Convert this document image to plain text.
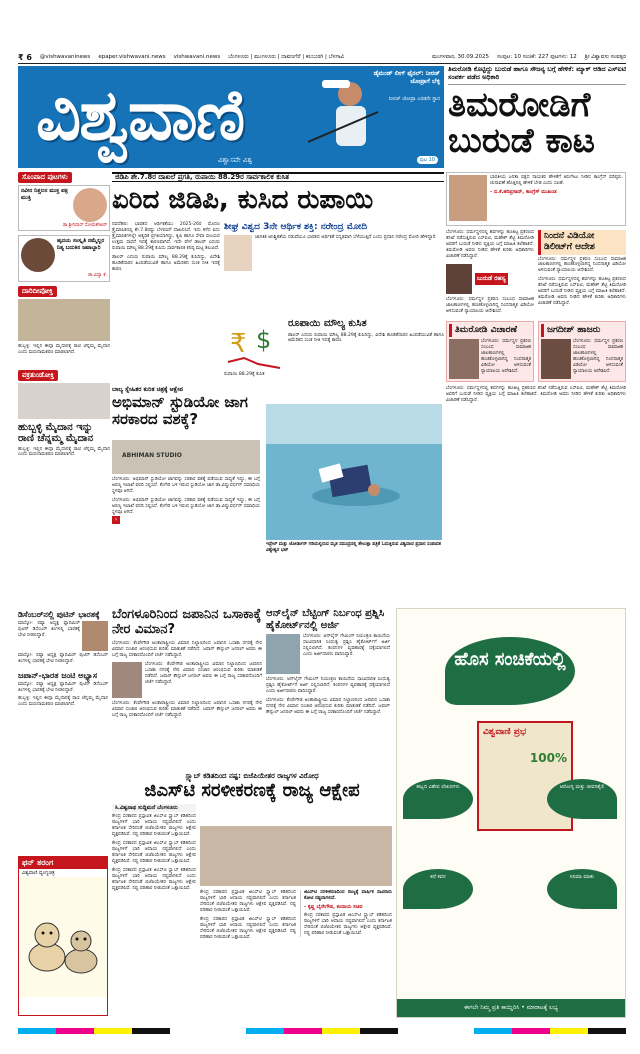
₹ 6 @vishwavaninews epaper.vishwavani.news vishwavani.news ಬೆಂಗಳೂರು | ಮಂಗಳೂರು | ದಾವಣಗೆರೆ | ಕಲಬುರಗಿ | ಬೆಳಗಾವಿ	ಮಂಗಳವಾರ, 30.09.2025 ಸಂಪುಟ: 10 ಸಂಚಿಕೆ: 227 ಪುಟಗಳು: 12 ಶ್ರೀ ವಿಶ್ವಾವಸು ಸಂವತ್ಸರ
ವಿಶ್ವವಾಣಿ
ವಿಶ್ವಾಸವೇ ವಿಶ್ವ
ಡೈಮಂಡ್ ಲೀಗ್ ಫೈನಲ್: ನೀರಜ್ ಚೋಪ್ರಾಗೆ ಬೆಳ್ಳಿ
ನೀರಜ್ ಚೋಪ್ರಾ ಎರಡನೇ ಸ್ಥಾನ
ಪುಟ 10
ತಿಮರೋಡಿ ಕೊಟ್ಟಿದ್ದು ಬುರುಡೆ ಹಾಗೂ ಸೌಜನ್ಯ ಬಗ್ಗೆ ಹೇಳಿಕೆ: ಮ್ಯಾಕ್ ಆಡಿದ ಎಸ್‌ಐಟಿ ಸಂಪರ್ಕ ಪಡೆದ ಅಧಿಕಾರಿ
ತಿಮರೋಡಿಗೆ ಬುರುಡೆ ಕಾಟ
ಸೊಂಪಾದ ಪುಟಗಳು
ನವೀನ ನಿಶ್ಚಲನ ಮುಕ್ತ ಪತ್ರ ಮುಕ್ತಿ
ಡಾ.ಶ್ರೀನಿವಾಸ್ ಸೋಮಶೇಖರ್
ಹೃದಯ ಸಂಸ್ಕೃತಿ ನಮ್ಮೆಲ್ಲರ ನಿತ್ಯ ಬದುಕಿನ ಜವಾಬ್ದಾರಿ
ಡಾ.ವಿದ್ಯಾ ಕೆ.
ದಾರಿದೀಪೋಕ್ತಿ
ಹುಬ್ಬಳ್ಳಿ: ಇಲ್ಲಿನ ಈದ್ಗಾ ಮೈದಾನಕ್ಕೆ ರಾಣಿ ಚೆನ್ನಮ್ಮ ಮೈದಾನ ಎಂದು ಮರುನಾಮಕರಣ ಮಾಡಲಾಗಿದೆ.
ವಕ್ರತುಂಡೋಕ್ತಿ
ಹುಬ್ಬಳ್ಳಿ ಮೈದಾನ ಇನ್ನು ರಾಣಿ ಚೆನ್ನಮ್ಮ ಮೈದಾನ
ಹುಬ್ಬಳ್ಳಿ: ಇಲ್ಲಿನ ಈದ್ಗಾ ಮೈದಾನಕ್ಕೆ ರಾಣಿ ಚೆನ್ನಮ್ಮ ಮೈದಾನ ಎಂದು ಮರುನಾಮಕರಣ ಮಾಡಲಾಗಿದೆ.
ಜಿಡಿಪಿ ಶೇ.7.8ರ ದಾಖಲೆ ಪ್ರಗತಿ, ರುಪಾಯಿ 88.29ರ ಸಾರ್ವಕಾಲಿಕ ಕುಸಿತ
ಏರಿದ ಜಿಡಿಪಿ, ಕುಸಿದ ರುಪಾಯಿ
ನವದೆಹಲಿ: ಭಾರತದ ಆರ್ಥಿಕತೆಯು 2025-26ರ ಮೊದಲ ತ್ರೈಮಾಸಿಕದಲ್ಲಿ ಶೇ.7.8ರಷ್ಟು ಬೆಳವಣಿಗೆ ದಾಖಲಿಸಿದೆ. ಇದು ಕಳೆದ ಐದು ತ್ರೈಮಾಸಿಕಗಳಲ್ಲೇ ಅತ್ಯಧಿಕ ಪ್ರಗತಿಯಾಗಿದ್ದು, ಕೃಷಿ ಹಾಗೂ ಸೇವಾ ವಲಯದ ಉತ್ತಮ ಸಾಧನೆ ಇದಕ್ಕೆ ಕಾರಣವಾಗಿದೆ. ಇದೇ ವೇಳೆ ಡಾಲರ್ ಎದುರು ರುಪಾಯಿ ಮೌಲ್ಯ 88.29ಕ್ಕೆ ಕುಸಿದು ಸಾರ್ವಕಾಲಿಕ ಕನಿಷ್ಠ ಮಟ್ಟ ತಲುಪಿದೆ.
ಡಾಲರ್ ಎದುರು ರುಪಾಯಿ ಮೌಲ್ಯ 88.29ಕ್ಕೆ ಕುಸಿದಿದ್ದು, ವಿದೇಶಿ ಹೂಡಿಕೆದಾರರ ಹಿಂಪಡೆಯುವಿಕೆ ಹಾಗೂ ಅಮೆರಿಕದ ಸುಂಕ ನೀತಿ ಇದಕ್ಕೆ ಕಾರಣ.
ಶೀಘ್ರ ವಿಶ್ವದ 3ನೇ ಆರ್ಥಿಕ ಶಕ್ತಿ: ನರೇಂದ್ರ ಮೋದಿ
ಜಾಗತಿಕ ಅನಿಶ್ಚಿತತೆಯ ನಡುವೆಯೂ ಭಾರತದ ಆರ್ಥಿಕತೆ ಸದೃಢವಾಗಿ ಬೆಳೆಯುತ್ತಿದೆ ಎಂದು ಪ್ರಧಾನಿ ನರೇಂದ್ರ ಮೋದಿ ಹೇಳಿದ್ದಾರೆ.
₹ $
ರುಪಾಯಿ 88.29ಕ್ಕೆ ಕುಸಿತ
ರೂಪಾಯಿ ಮೌಲ್ಯ ಕುಸಿತ
ಡಾಲರ್ ಎದುರು ರುಪಾಯಿ ಮೌಲ್ಯ 88.29ಕ್ಕೆ ಕುಸಿದಿದ್ದು, ವಿದೇಶಿ ಹೂಡಿಕೆದಾರರ ಹಿಂಪಡೆಯುವಿಕೆ ಹಾಗೂ ಅಮೆರಿಕದ ಸುಂಕ ನೀತಿ ಇದಕ್ಕೆ ಕಾರಣ.
ಭಾರತೀಯ ಜನತಾ ಪಕ್ಷದ ನಾಯಕರ ಹೇಳಿಕೆಗೆ ತಿರುಗೇಟು ನೀಡಿದ ಕಾಂಗ್ರೆಸ್ ವರಿಷ್ಠರು. ಚುನಾವಣೆ ಹೊತ್ತಿನಲ್ಲಿ ಹೇಳಿಕೆ ಬೇಡ ಎಂದು ಸಲಹೆ.
- ಬಿ.ಕೆ.ಹರಿಪ್ರಸಾದ್, ಕಾಂಗ್ರೆಸ್ ಮುಖಂಡ
ಬೆಂಗಳೂರು: ಧರ್ಮಸ್ಥಳದಲ್ಲಿ ಶವಗಳನ್ನು ಹೂತಿಟ್ಟ ಪ್ರಕರಣದ ತನಿಖೆ ನಡೆಸುತ್ತಿರುವ ಎಸ್‌ಐಟಿ, ಮಹೇಶ್ ಶೆಟ್ಟಿ ತಿಮರೋಡಿ ಅವರಿಗೆ ಬುರುಡೆ ನೀಡಿದ ವ್ಯಕ್ತಿಯ ಬಗ್ಗೆ ಮಾಹಿತಿ ಕಲೆಹಾಕಿದೆ. ತಿಮರೋಡಿ ಅವರು ನೀಡಿದ ಹೇಳಿಕೆ ಕುರಿತು ಅಧಿಕಾರಿಗಳು ವಿಚಾರಣೆ ನಡೆಸಿದ್ದಾರೆ.
ಬುರುಡೆ ರಹಸ್ಯ
ಬೆಂಗಳೂರು: ಧರ್ಮಸ್ಥಳ ಪ್ರಕರಣ ಸಂಬಂಧ ಸಾಮಾಜಿಕ ಜಾಲತಾಣಗಳಲ್ಲಿ ಹಂಚಿಕೊಳ್ಳಲಾಗಿದ್ದ ನಿಂದನಾತ್ಮಕ ವಿಡಿಯೋ ಅಳಿಸುವಂತೆ ನ್ಯಾಯಾಲಯ ಆದೇಶಿಸಿದೆ.
ನಿಂದನೆ ವಿಡಿಯೋ ಡಿಲೀಟ್‌ಗೆ ಆದೇಶ
ಬೆಂಗಳೂರು: ಧರ್ಮಸ್ಥಳ ಪ್ರಕರಣ ಸಂಬಂಧ ಸಾಮಾಜಿಕ ಜಾಲತಾಣಗಳಲ್ಲಿ ಹಂಚಿಕೊಳ್ಳಲಾಗಿದ್ದ ನಿಂದನಾತ್ಮಕ ವಿಡಿಯೋ ಅಳಿಸುವಂತೆ ನ್ಯಾಯಾಲಯ ಆದೇಶಿಸಿದೆ.
ಬೆಂಗಳೂರು: ಧರ್ಮಸ್ಥಳದಲ್ಲಿ ಶವಗಳನ್ನು ಹೂತಿಟ್ಟ ಪ್ರಕರಣದ ತನಿಖೆ ನಡೆಸುತ್ತಿರುವ ಎಸ್‌ಐಟಿ, ಮಹೇಶ್ ಶೆಟ್ಟಿ ತಿಮರೋಡಿ ಅವರಿಗೆ ಬುರುಡೆ ನೀಡಿದ ವ್ಯಕ್ತಿಯ ಬಗ್ಗೆ ಮಾಹಿತಿ ಕಲೆಹಾಕಿದೆ. ತಿಮರೋಡಿ ಅವರು ನೀಡಿದ ಹೇಳಿಕೆ ಕುರಿತು ಅಧಿಕಾರಿಗಳು ವಿಚಾರಣೆ ನಡೆಸಿದ್ದಾರೆ.
ತಿಮರೋಡಿ ವಿಚಾರಣೆ
ಬೆಂಗಳೂರು: ಧರ್ಮಸ್ಥಳ ಪ್ರಕರಣ ಸಂಬಂಧ ಸಾಮಾಜಿಕ ಜಾಲತಾಣಗಳಲ್ಲಿ ಹಂಚಿಕೊಳ್ಳಲಾಗಿದ್ದ ನಿಂದನಾತ್ಮಕ ವಿಡಿಯೋ ಅಳಿಸುವಂತೆ ನ್ಯಾಯಾಲಯ ಆದೇಶಿಸಿದೆ.
ಜಗದೀಶ್ ಹಾಜರು
ಬೆಂಗಳೂರು: ಧರ್ಮಸ್ಥಳ ಪ್ರಕರಣ ಸಂಬಂಧ ಸಾಮಾಜಿಕ ಜಾಲತಾಣಗಳಲ್ಲಿ ಹಂಚಿಕೊಳ್ಳಲಾಗಿದ್ದ ನಿಂದನಾತ್ಮಕ ವಿಡಿಯೋ ಅಳಿಸುವಂತೆ ನ್ಯಾಯಾಲಯ ಆದೇಶಿಸಿದೆ.
ಬೆಂಗಳೂರು: ಧರ್ಮಸ್ಥಳದಲ್ಲಿ ಶವಗಳನ್ನು ಹೂತಿಟ್ಟ ಪ್ರಕರಣದ ತನಿಖೆ ನಡೆಸುತ್ತಿರುವ ಎಸ್‌ಐಟಿ, ಮಹೇಶ್ ಶೆಟ್ಟಿ ತಿಮರೋಡಿ ಅವರಿಗೆ ಬುರುಡೆ ನೀಡಿದ ವ್ಯಕ್ತಿಯ ಬಗ್ಗೆ ಮಾಹಿತಿ ಕಲೆಹಾಕಿದೆ. ತಿಮರೋಡಿ ಅವರು ನೀಡಿದ ಹೇಳಿಕೆ ಕುರಿತು ಅಧಿಕಾರಿಗಳು ವಿಚಾರಣೆ ನಡೆಸಿದ್ದಾರೆ.
ಬಾಲ್ಯ ಸ್ನೇಹಿತರ ಕುರಿತ ಚಿತ್ರಕ್ಕೆ ಆಕ್ಷೇಪ
ಅಭಿಮಾನ್ ಸ್ಟುಡಿಯೋ ಜಾಗ ಸರಕಾರದ ವಶಕ್ಕೆ?
ABHIMAN STUDIO
ಬೆಂಗಳೂರು: ಅಭಿಮಾನ್ ಸ್ಟುಡಿಯೋ ಜಾಗವನ್ನು ಸರಕಾರ ವಶಕ್ಕೆ ಪಡೆಯುವ ಸಾಧ್ಯತೆ ಇದ್ದು, ಈ ಬಗ್ಗೆ ಅರಣ್ಯ ಇಲಾಖೆ ವರದಿ ಸಲ್ಲಿಸಿದೆ. ಕೆಂಗೇರಿ ಬಳಿ ಇರುವ ಸ್ಟುಡಿಯೋ ಜಾಗ ಡಾ.ವಿಷ್ಣುವರ್ಧನ್ ಸಮಾಧಿಯ ಸ್ಥಳವೂ ಆಗಿದೆ.
ಬೆಂಗಳೂರು: ಅಭಿಮಾನ್ ಸ್ಟುಡಿಯೋ ಜಾಗವನ್ನು ಸರಕಾರ ವಶಕ್ಕೆ ಪಡೆಯುವ ಸಾಧ್ಯತೆ ಇದ್ದು, ಈ ಬಗ್ಗೆ ಅರಣ್ಯ ಇಲಾಖೆ ವರದಿ ಸಲ್ಲಿಸಿದೆ. ಕೆಂಗೇರಿ ಬಳಿ ಇರುವ ಸ್ಟುಡಿಯೋ ಜಾಗ ಡಾ.ವಿಷ್ಣುವರ್ಧನ್ ಸಮಾಧಿಯ ಸ್ಥಳವೂ ಆಗಿದೆ.
›
ಇಸ್ರೇಲ್ ಮತ್ತು ಜೋರ್ಡಾನ್ ಗಡಿಯಲ್ಲಿರುವ ಮೃತ ಸಮುದ್ರದಲ್ಲಿ ತೇಲುತ್ತಾ ಪತ್ರಿಕೆ ಓದುತ್ತಿರುವ ವಿಶ್ವವಾಣಿ ಪ್ರಧಾನ ಸಂಪಾದಕ ವಿಶ್ವೇಶ್ವರ ಭಟ್
ಡಿಸೆಂಬರ್‌ನಲ್ಲಿ ಪುಟಿನ್ ಭಾರತಕ್ಕೆ
ಮಾಸ್ಕೋ: ರಷ್ಯಾ ಅಧ್ಯಕ್ಷ ವ್ಲಾದಿಮಿರ್ ಪುಟಿನ್ ಡಿಸೆಂಬರ್ ತಿಂಗಳಲ್ಲಿ ಭಾರತಕ್ಕೆ ಭೇಟಿ ನೀಡಲಿದ್ದಾರೆ.
ಮಾಸ್ಕೋ: ರಷ್ಯಾ ಅಧ್ಯಕ್ಷ ವ್ಲಾದಿಮಿರ್ ಪುಟಿನ್ ಡಿಸೆಂಬರ್ ತಿಂಗಳಲ್ಲಿ ಭಾರತಕ್ಕೆ ಭೇಟಿ ನೀಡಲಿದ್ದಾರೆ.
ಜಪಾನ್-ಭಾರತ ಜಂಟಿ ಅಭ್ಯಾಸ
ಮಾಸ್ಕೋ: ರಷ್ಯಾ ಅಧ್ಯಕ್ಷ ವ್ಲಾದಿಮಿರ್ ಪುಟಿನ್ ಡಿಸೆಂಬರ್ ತಿಂಗಳಲ್ಲಿ ಭಾರತಕ್ಕೆ ಭೇಟಿ ನೀಡಲಿದ್ದಾರೆ.
ಹುಬ್ಬಳ್ಳಿ: ಇಲ್ಲಿನ ಈದ್ಗಾ ಮೈದಾನಕ್ಕೆ ರಾಣಿ ಚೆನ್ನಮ್ಮ ಮೈದಾನ ಎಂದು ಮರುನಾಮಕರಣ ಮಾಡಲಾಗಿದೆ.
ಫನ್ ತರಂಗ
ವಿಶ್ವವಾಣಿ ವ್ಯಂಗ್ಯಚಿತ್ರ
ಬೆಂಗಳೂರಿನಿಂದ ಜಪಾನಿನ ಒಸಾಕಾಕ್ಕೆ ನೇರ ವಿಮಾನ?
ಬೆಂಗಳೂರು: ಕೆಂಪೇಗೌಡ ಅಂತಾರಾಷ್ಟ್ರೀಯ ವಿಮಾನ ನಿಲ್ದಾಣದಿಂದ ಜಪಾನಿನ ಒಸಾಕಾ ನಗರಕ್ಕೆ ನೇರ ವಿಮಾನ ಸಂಚಾರ ಆರಂಭಿಸುವ ಕುರಿತು ಮಾತುಕತೆ ನಡೆದಿದೆ. ಜಪಾನ್ ಕೌನ್ಸುಲ್ ಜನರಲ್ ಅವರು ಈ ಬಗ್ಗೆ ರಾಜ್ಯ ಸರಕಾರದೊಂದಿಗೆ ಚರ್ಚೆ ನಡೆಸಿದ್ದಾರೆ.
ಬೆಂಗಳೂರು: ಕೆಂಪೇಗೌಡ ಅಂತಾರಾಷ್ಟ್ರೀಯ ವಿಮಾನ ನಿಲ್ದಾಣದಿಂದ ಜಪಾನಿನ ಒಸಾಕಾ ನಗರಕ್ಕೆ ನೇರ ವಿಮಾನ ಸಂಚಾರ ಆರಂಭಿಸುವ ಕುರಿತು ಮಾತುಕತೆ ನಡೆದಿದೆ. ಜಪಾನ್ ಕೌನ್ಸುಲ್ ಜನರಲ್ ಅವರು ಈ ಬಗ್ಗೆ ರಾಜ್ಯ ಸರಕಾರದೊಂದಿಗೆ ಚರ್ಚೆ ನಡೆಸಿದ್ದಾರೆ.
ಬೆಂಗಳೂರು: ಕೆಂಪೇಗೌಡ ಅಂತಾರಾಷ್ಟ್ರೀಯ ವಿಮಾನ ನಿಲ್ದಾಣದಿಂದ ಜಪಾನಿನ ಒಸಾಕಾ ನಗರಕ್ಕೆ ನೇರ ವಿಮಾನ ಸಂಚಾರ ಆರಂಭಿಸುವ ಕುರಿತು ಮಾತುಕತೆ ನಡೆದಿದೆ. ಜಪಾನ್ ಕೌನ್ಸುಲ್ ಜನರಲ್ ಅವರು ಈ ಬಗ್ಗೆ ರಾಜ್ಯ ಸರಕಾರದೊಂದಿಗೆ ಚರ್ಚೆ ನಡೆಸಿದ್ದಾರೆ.
ಆನ್‌ಲೈನ್ ಬೆಟ್ಟಿಂಗ್ ನಿರ್ಬಂಧ ಪ್ರಶ್ನಿಸಿ ಹೈಕೋರ್ಟ್‌ನಲ್ಲಿ ಅರ್ಜಿ
ಬೆಂಗಳೂರು: ಆನ್‌ಲೈನ್ ಗೇಮಿಂಗ್ ನಿಯಂತ್ರಣ ಕಾಯಿದೆಯ ಸಾಂವಿಧಾನಿಕ ಸಿಂಧುತ್ವ ಪ್ರಶ್ನಿಸಿ ಹೈಕೋರ್ಟ್‌ಗೆ ಅರ್ಜಿ ಸಲ್ಲಿಸಲಾಗಿದೆ. ಕಂಪನಿಗಳ ವ್ಯವಹಾರಕ್ಕೆ ಧಕ್ಕೆಯಾಗಲಿದೆ ಎಂದು ಅರ್ಜಿದಾರರು ವಾದಿಸಿದ್ದಾರೆ.
ಬೆಂಗಳೂರು: ಆನ್‌ಲೈನ್ ಗೇಮಿಂಗ್ ನಿಯಂತ್ರಣ ಕಾಯಿದೆಯ ಸಾಂವಿಧಾನಿಕ ಸಿಂಧುತ್ವ ಪ್ರಶ್ನಿಸಿ ಹೈಕೋರ್ಟ್‌ಗೆ ಅರ್ಜಿ ಸಲ್ಲಿಸಲಾಗಿದೆ. ಕಂಪನಿಗಳ ವ್ಯವಹಾರಕ್ಕೆ ಧಕ್ಕೆಯಾಗಲಿದೆ ಎಂದು ಅರ್ಜಿದಾರರು ವಾದಿಸಿದ್ದಾರೆ.
ಬೆಂಗಳೂರು: ಕೆಂಪೇಗೌಡ ಅಂತಾರಾಷ್ಟ್ರೀಯ ವಿಮಾನ ನಿಲ್ದಾಣದಿಂದ ಜಪಾನಿನ ಒಸಾಕಾ ನಗರಕ್ಕೆ ನೇರ ವಿಮಾನ ಸಂಚಾರ ಆರಂಭಿಸುವ ಕುರಿತು ಮಾತುಕತೆ ನಡೆದಿದೆ. ಜಪಾನ್ ಕೌನ್ಸುಲ್ ಜನರಲ್ ಅವರು ಈ ಬಗ್ಗೆ ರಾಜ್ಯ ಸರಕಾರದೊಂದಿಗೆ ಚರ್ಚೆ ನಡೆಸಿದ್ದಾರೆ.
ಸ್ಲ್ಯಾಬ್ ಕಡಿತದಿಂದ ನಷ್ಟ: ಬಿಜೆಪಿಯೇತರ ರಾಜ್ಯಗಳ ವಿರೋಧ
ಜಿಎಸ್‌ಟಿ ಸರಳೀಕರಣಕ್ಕೆ ರಾಜ್ಯ ಆಕ್ಷೇಪ
ಸಿ.ವಿಶ್ವನಾಥ ಸುದ್ದಿಮನೆ ಬೆಂಗಳೂರು
ಕೇಂದ್ರ ಸರಕಾರದ ಪ್ರಸ್ತಾವಿತ ಜಿಎಸ್‌ಟಿ ಸ್ಲ್ಯಾಬ್ ಕಡಿತದಿಂದ ರಾಜ್ಯಗಳಿಗೆ ಭಾರಿ ಆದಾಯ ನಷ್ಟವಾಗಲಿದೆ ಎಂದು ಕರ್ನಾಟಕ ಸೇರಿದಂತೆ ಬಿಜೆಪಿಯೇತರ ರಾಜ್ಯಗಳು ಆಕ್ಷೇಪ ವ್ಯಕ್ತಪಡಿಸಿವೆ. ನಷ್ಟ ಪರಿಹಾರ ನೀಡುವಂತೆ ಒತ್ತಾಯಿಸಿವೆ.
ಕೇಂದ್ರ ಸರಕಾರದ ಪ್ರಸ್ತಾವಿತ ಜಿಎಸ್‌ಟಿ ಸ್ಲ್ಯಾಬ್ ಕಡಿತದಿಂದ ರಾಜ್ಯಗಳಿಗೆ ಭಾರಿ ಆದಾಯ ನಷ್ಟವಾಗಲಿದೆ ಎಂದು ಕರ್ನಾಟಕ ಸೇರಿದಂತೆ ಬಿಜೆಪಿಯೇತರ ರಾಜ್ಯಗಳು ಆಕ್ಷೇಪ ವ್ಯಕ್ತಪಡಿಸಿವೆ. ನಷ್ಟ ಪರಿಹಾರ ನೀಡುವಂತೆ ಒತ್ತಾಯಿಸಿವೆ.
ಕೇಂದ್ರ ಸರಕಾರದ ಪ್ರಸ್ತಾವಿತ ಜಿಎಸ್‌ಟಿ ಸ್ಲ್ಯಾಬ್ ಕಡಿತದಿಂದ ರಾಜ್ಯಗಳಿಗೆ ಭಾರಿ ಆದಾಯ ನಷ್ಟವಾಗಲಿದೆ ಎಂದು ಕರ್ನಾಟಕ ಸೇರಿದಂತೆ ಬಿಜೆಪಿಯೇತರ ರಾಜ್ಯಗಳು ಆಕ್ಷೇಪ ವ್ಯಕ್ತಪಡಿಸಿವೆ. ನಷ್ಟ ಪರಿಹಾರ ನೀಡುವಂತೆ ಒತ್ತಾಯಿಸಿವೆ.
ಕೇಂದ್ರ ಸರಕಾರದ ಪ್ರಸ್ತಾವಿತ ಜಿಎಸ್‌ಟಿ ಸ್ಲ್ಯಾಬ್ ಕಡಿತದಿಂದ ರಾಜ್ಯಗಳಿಗೆ ಭಾರಿ ಆದಾಯ ನಷ್ಟವಾಗಲಿದೆ ಎಂದು ಕರ್ನಾಟಕ ಸೇರಿದಂತೆ ಬಿಜೆಪಿಯೇತರ ರಾಜ್ಯಗಳು ಆಕ್ಷೇಪ ವ್ಯಕ್ತಪಡಿಸಿವೆ. ನಷ್ಟ ಪರಿಹಾರ ನೀಡುವಂತೆ ಒತ್ತಾಯಿಸಿವೆ.
ಕೇಂದ್ರ ಸರಕಾರದ ಪ್ರಸ್ತಾವಿತ ಜಿಎಸ್‌ಟಿ ಸ್ಲ್ಯಾಬ್ ಕಡಿತದಿಂದ ರಾಜ್ಯಗಳಿಗೆ ಭಾರಿ ಆದಾಯ ನಷ್ಟವಾಗಲಿದೆ ಎಂದು ಕರ್ನಾಟಕ ಸೇರಿದಂತೆ ಬಿಜೆಪಿಯೇತರ ರಾಜ್ಯಗಳು ಆಕ್ಷೇಪ ವ್ಯಕ್ತಪಡಿಸಿವೆ. ನಷ್ಟ ಪರಿಹಾರ ನೀಡುವಂತೆ ಒತ್ತಾಯಿಸಿವೆ.
ಜಿಎಸ್‌ಟಿ ಸರಳೀಕರಣದಿಂದ ರಾಜ್ಯಕ್ಕೆ ವಾರ್ಷಿಕ ಸಾವಿರಾರು ಕೋಟಿ ನಷ್ಟವಾಗಲಿದೆ.
- ಕೃಷ್ಣ ಬೈರೇಗೌಡ, ಕಂದಾಯ ಸಚಿವ
ಕೇಂದ್ರ ಸರಕಾರದ ಪ್ರಸ್ತಾವಿತ ಜಿಎಸ್‌ಟಿ ಸ್ಲ್ಯಾಬ್ ಕಡಿತದಿಂದ ರಾಜ್ಯಗಳಿಗೆ ಭಾರಿ ಆದಾಯ ನಷ್ಟವಾಗಲಿದೆ ಎಂದು ಕರ್ನಾಟಕ ಸೇರಿದಂತೆ ಬಿಜೆಪಿಯೇತರ ರಾಜ್ಯಗಳು ಆಕ್ಷೇಪ ವ್ಯಕ್ತಪಡಿಸಿವೆ. ನಷ್ಟ ಪರಿಹಾರ ನೀಡುವಂತೆ ಒತ್ತಾಯಿಸಿವೆ.
ಹೊಸ ಸಂಚಿಕೆಯಲ್ಲಿ
ವಿಶ್ವವಾಣಿ ಪ್ರಭ
100%
ಹಬ್ಬದ ವಿಶೇಷ ಲೇಖನಗಳು	ಆರೋಗ್ಯ ಮತ್ತು ಜೀವನಶೈಲಿ
ಕಥೆ ಕವನ	ಸಿನಿಮಾ ಮಾತು
ಈಗಲೇ ನಿಮ್ಮ ಪ್ರತಿ ಕಾಯ್ದಿರಿಸಿ • ಮಾರಾಟಕ್ಕೆ ಲಭ್ಯ
